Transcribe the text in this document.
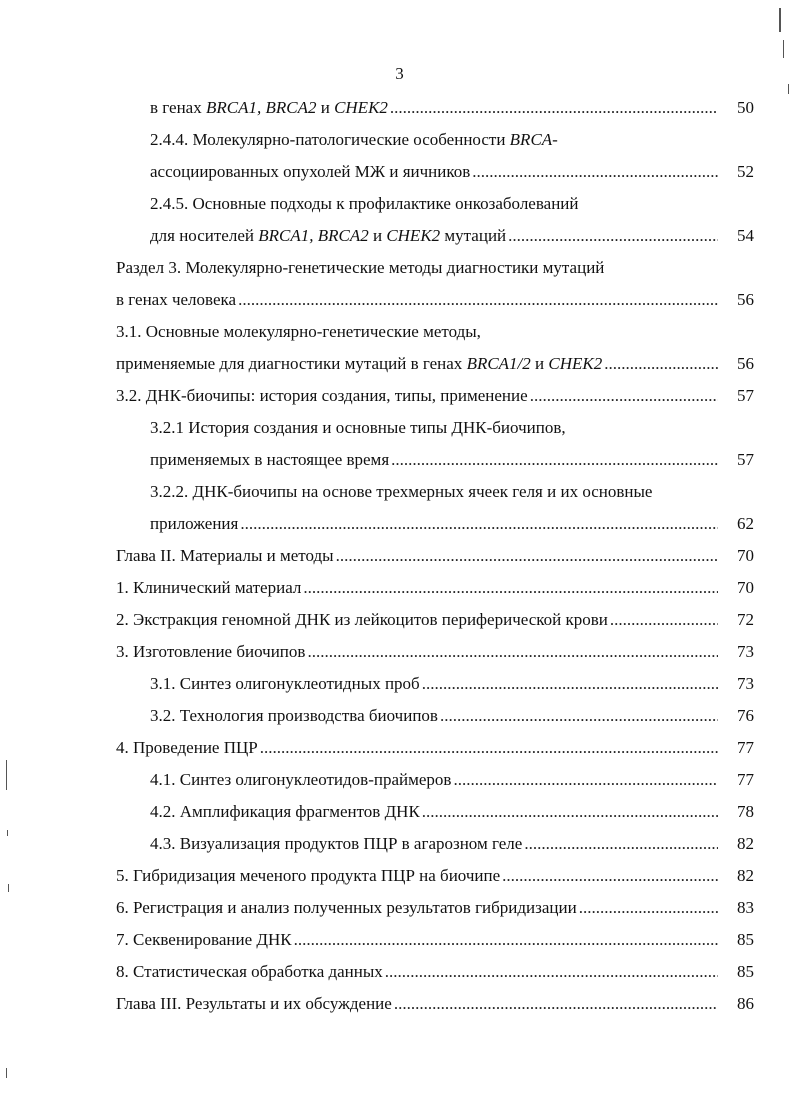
3
в генах BRCA1, BRCA2 и CHEK2 .....	50
2.4.4. Молекулярно-патологические особенности BRCA-
ассоциированных опухолей МЖ и яичников .....	52
2.4.5. Основные подходы к профилактике онкозаболеваний
для носителей BRCA1, BRCA2 и CHEK2 мутаций .....	54
Раздел 3. Молекулярно-генетические методы диагностики мутаций
в генах человека .....	56
3.1. Основные молекулярно-генетические методы,
применяемые для диагностики мутаций в генах BRCA1/2 и CHEK2 .....	56
3.2. ДНК-биочипы: история создания, типы, применение .....	57
3.2.1 История создания и основные типы ДНК-биочипов,
применяемых в настоящее время .....	57
3.2.2. ДНК-биочипы на основе трехмерных ячеек геля и их основные
приложения .....	62
Глава II. Материалы и методы .....	70
1. Клинический материал .....	70
2. Экстракция геномной ДНК из лейкоцитов периферической крови .....	72
3. Изготовление биочипов .....	73
3.1. Синтез олигонуклеотидных проб .....	73
3.2. Технология производства биочипов .....	76
4. Проведение ПЦР .....	77
4.1. Синтез олигонуклеотидов-праймеров .....	77
4.2. Амплификация фрагментов ДНК .....	78
4.3. Визуализация продуктов ПЦР в агарозном геле .....	82
5. Гибридизация меченого продукта ПЦР на биочипе .....	82
6. Регистрация и анализ полученных результатов гибридизации .....	83
7. Секвенирование ДНК .....	85
8. Статистическая обработка данных .....	85
Глава III. Результаты и их обсуждение .....	86
